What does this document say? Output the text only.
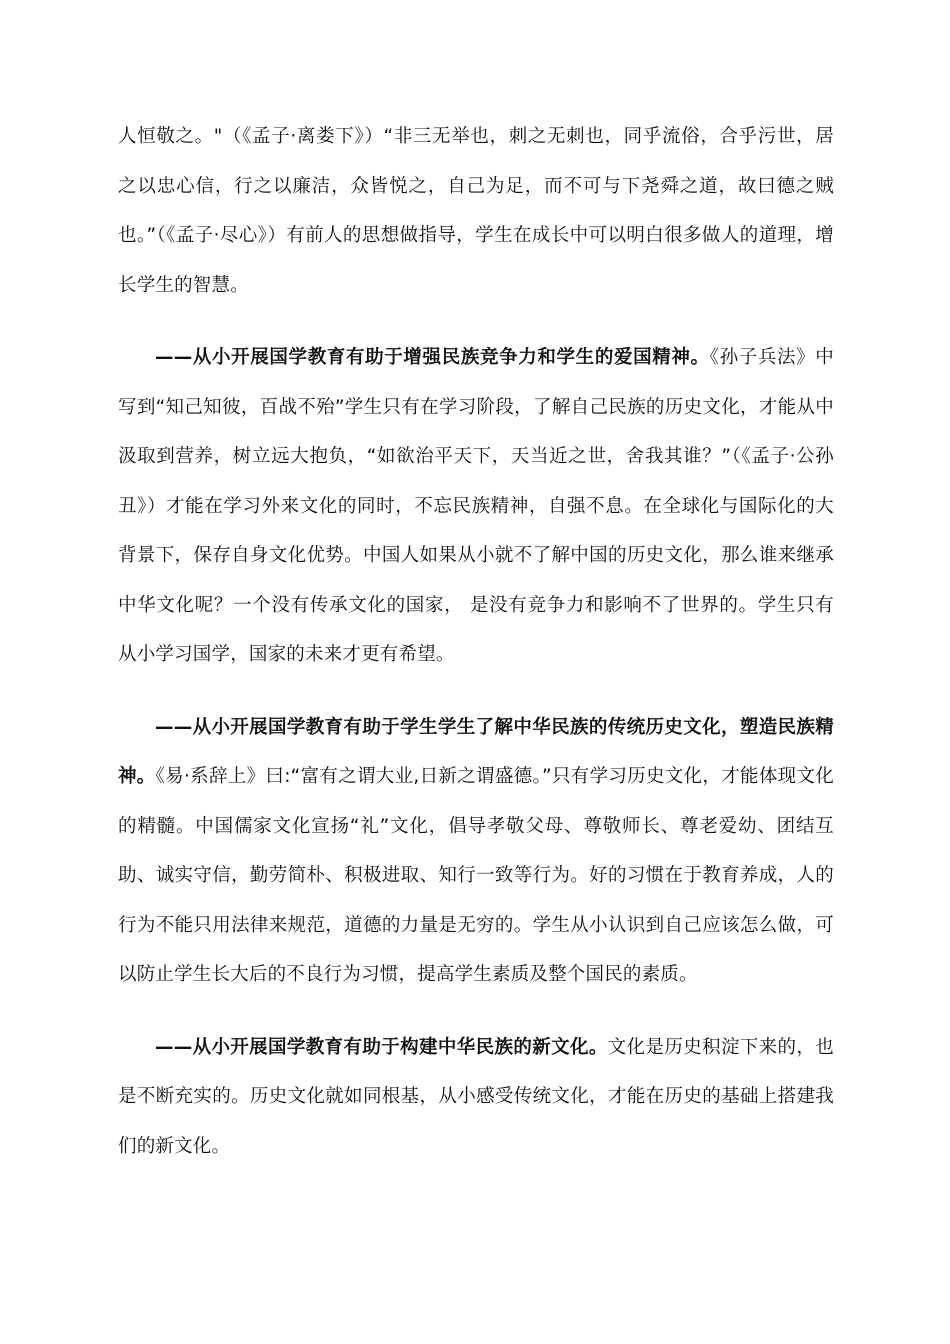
人恒敬之。"（《孟子·离娄下》）“非三无举也，刺之无刺也，同乎流俗，合乎污世，居之以忠心信，行之以廉洁，众皆悦之，自己为足，而不可与下尧舜之道，故曰德之贼也。”（《孟子·尽心》）有前人的思想做指导，学生在成长中可以明白很多做人的道理，增长学生的智慧。

——从小开展国学教育有助于增强民族竞争力和学生的爱国精神。《孙子兵法》中写到“知己知彼，百战不殆”学生只有在学习阶段，了解自己民族的历史文化，才能从中汲取到营养，树立远大抱负，“如欲治平天下，天当近之世，舍我其谁？”（《孟子·公孙丑》）才能在学习外来文化的同时，不忘民族精神，自强不息。在全球化与国际化的大背景下，保存自身文化优势。中国人如果从小就不了解中国的历史文化，那么谁来继承中华文化呢？一个没有传承文化的国家， 是没有竞争力和影响不了世界的。学生只有从小学习国学，国家的未来才更有希望。

——从小开展国学教育有助于学生学生了解中华民族的传统历史文化，塑造民族精神。《易·系辞上》曰:“富有之谓大业,日新之谓盛德。”只有学习历史文化，才能体现文化的精髓。中国儒家文化宣扬“礼”文化，倡导孝敬父母、尊敬师长、尊老爱幼、团结互助、诚实守信，勤劳简朴、积极进取、知行一致等行为。好的习惯在于教育养成，人的行为不能只用法律来规范，道德的力量是无穷的。学生从小认识到自己应该怎么做，可以防止学生长大后的不良行为习惯，提高学生素质及整个国民的素质。

——从小开展国学教育有助于构建中华民族的新文化。文化是历史积淀下来的，也是不断充实的。历史文化就如同根基，从小感受传统文化，才能在历史的基础上搭建我们的新文化。
